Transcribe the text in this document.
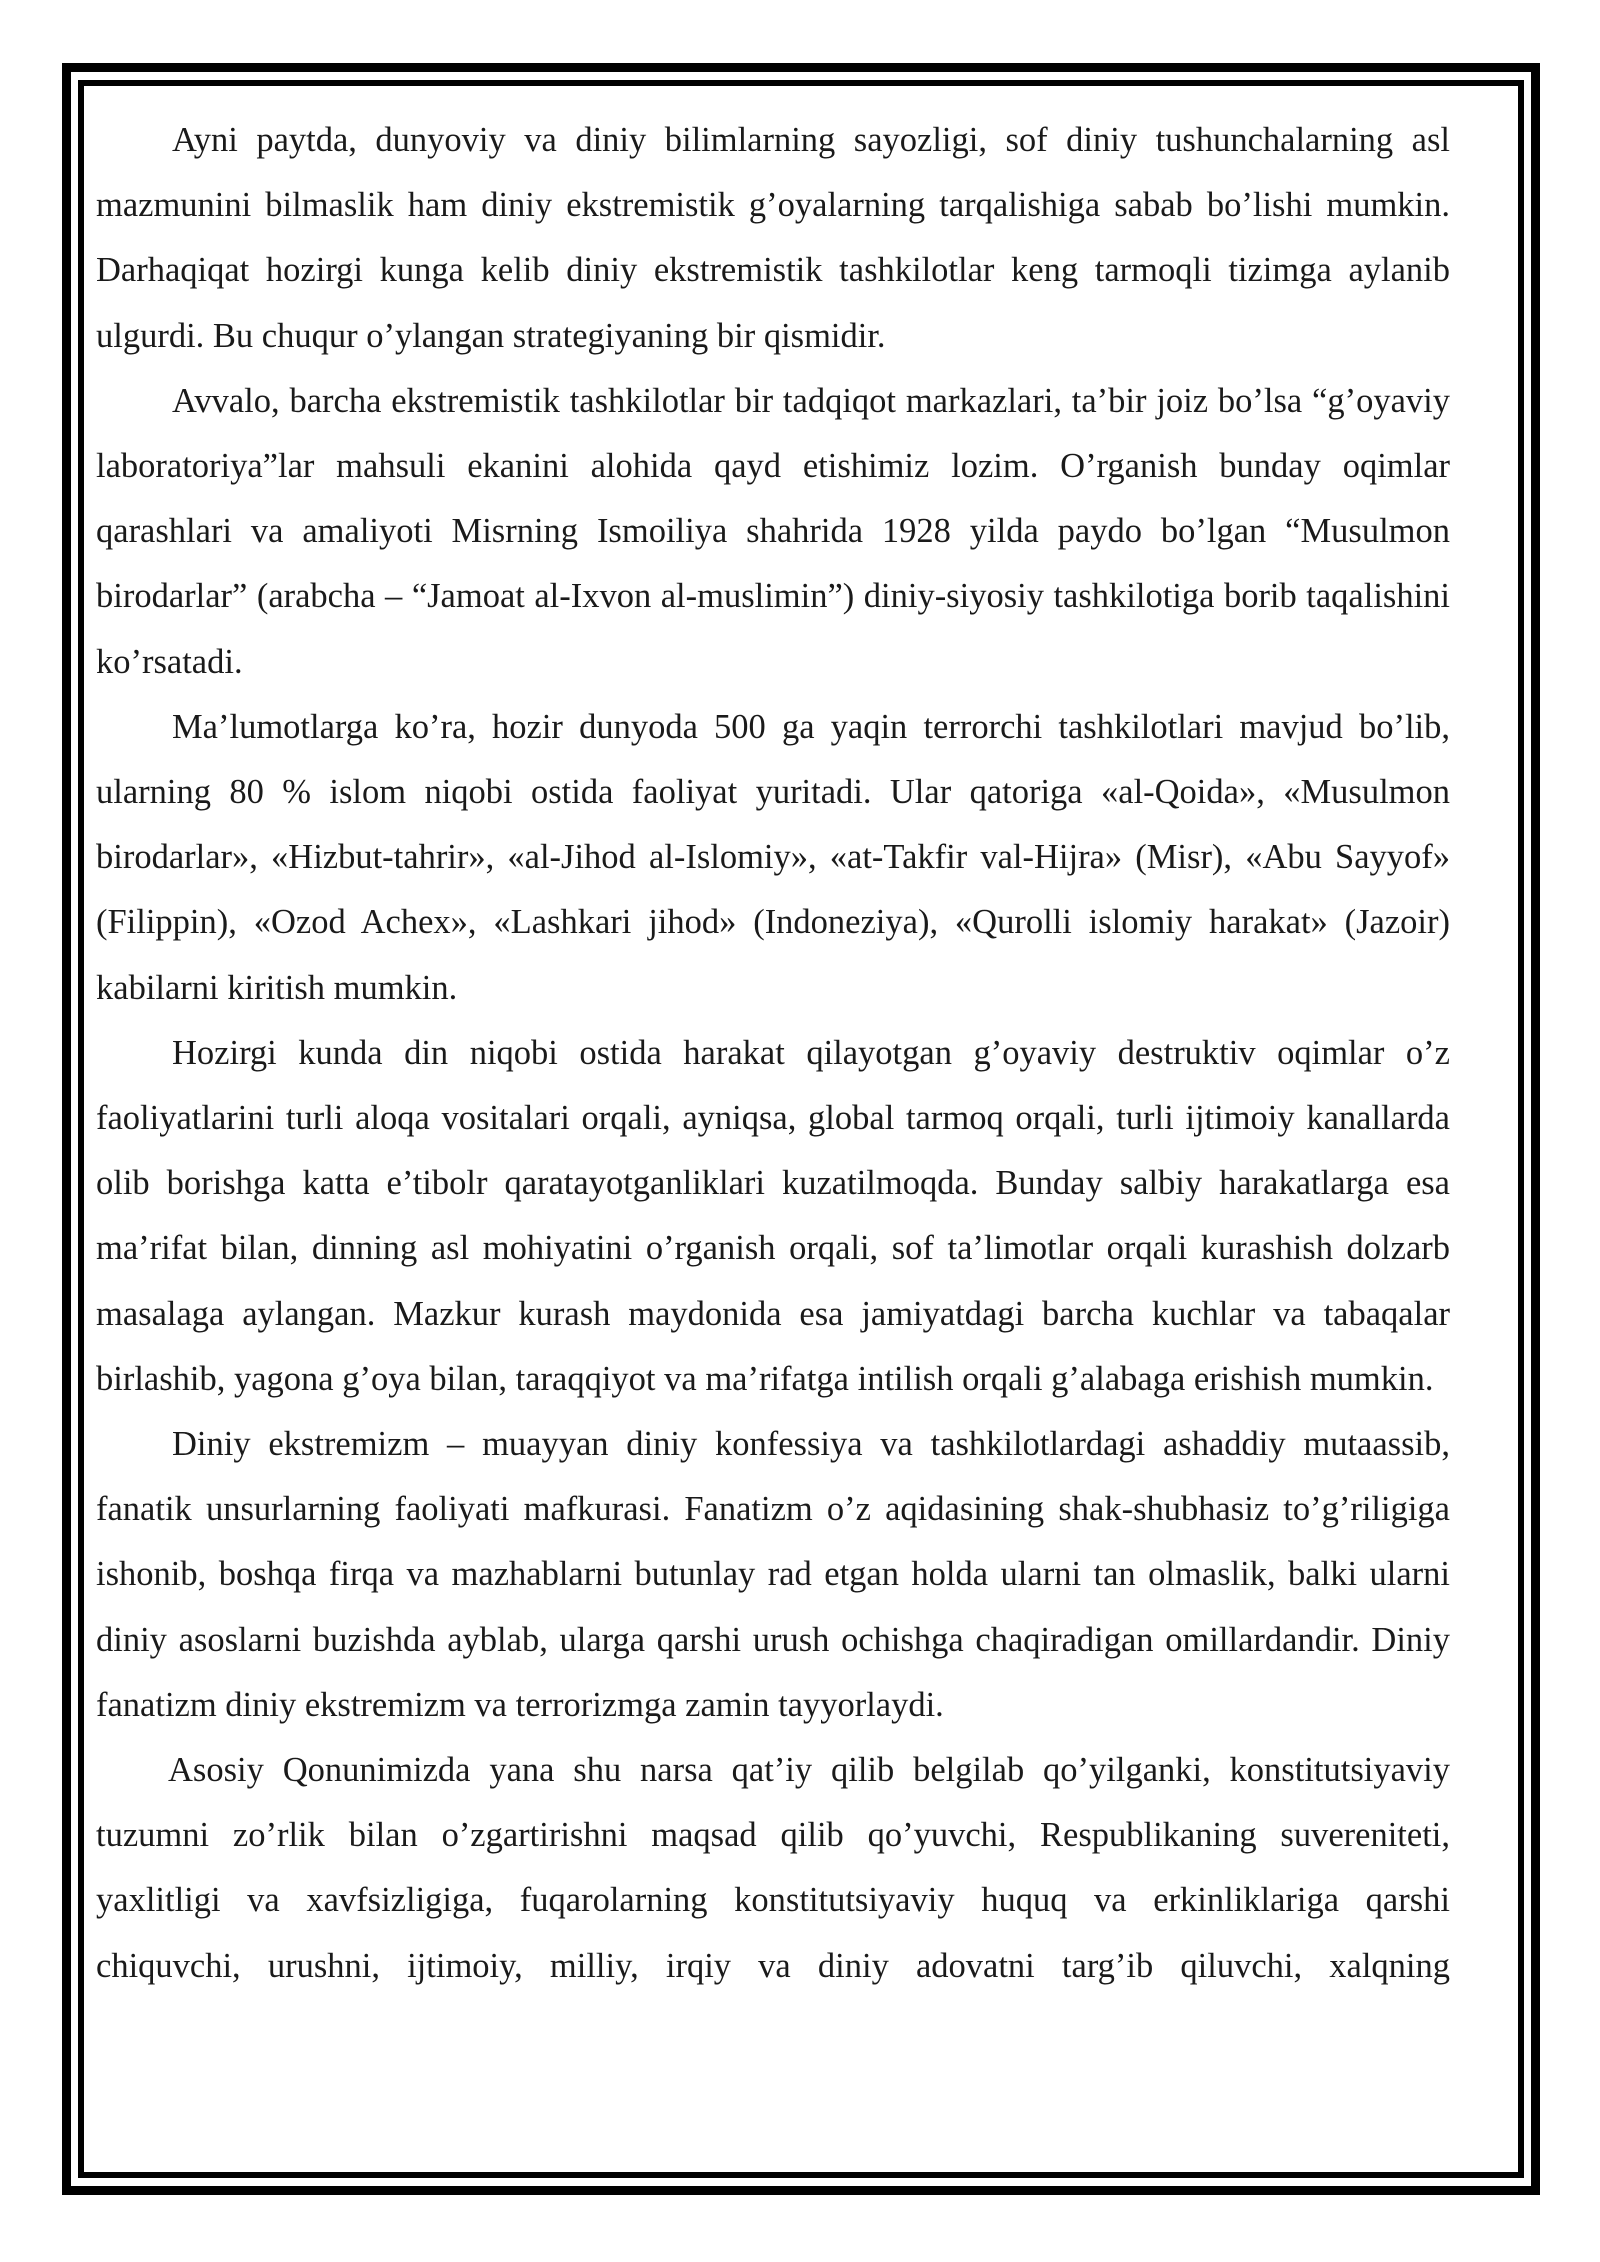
Ayni paytda, dunyoviy va diniy bilimlarning sayozligi, sof diniy tushunchalarning asl mazmunini bilmaslik ham diniy ekstremistik g’oyalarning tarqalishiga sabab bo’lishi mumkin. Darhaqiqat hozirgi kunga kelib diniy ekstremistik tashkilotlar keng tarmoqli tizimga aylanib ulgurdi. Bu chuqur o’ylangan strategiyaning bir qismidir.

Avvalo, barcha ekstremistik tashkilotlar bir tadqiqot markazlari, ta’bir joiz bo’lsa “g’oyaviy laboratoriya”lar mahsuli ekanini alohida qayd etishimiz lozim. O’rganish bunday oqimlar qarashlari va amaliyoti Misrning Ismoiliya shahrida 1928 yilda paydo bo’lgan “Musulmon birodarlar” (arabcha – “Jamoat al-Ixvon al-muslimin”) diniy-siyosiy tashkilotiga borib taqalishini ko’rsatadi.

Ma’lumotlarga ko’ra, hozir dunyoda 500 ga yaqin terrorchi tashkilotlari mavjud bo’lib, ularning 80 % islom niqobi ostida faoliyat yuritadi. Ular qatoriga «al-Qoida», «Musulmon birodarlar», «Hizbut-tahrir», «al-Jihod al-Islomiy», «at-Takfir val-Hijra» (Misr), «Abu Sayyof» (Filippin), «Ozod Achex», «Lashkari jihod» (Indoneziya), «Qurolli islomiy harakat» (Jazoir) kabilarni kiritish mumkin.

Hozirgi kunda din niqobi ostida harakat qilayotgan g’oyaviy destruktiv oqimlar o’z faoliyatlarini turli aloqa vositalari orqali, ayniqsa, global tarmoq orqali, turli ijtimoiy kanallarda olib borishga katta e’tibolr qaratayotganliklari kuzatilmoqda. Bunday salbiy harakatlarga esa ma’rifat bilan, dinning asl mohiyatini o’rganish orqali, sof ta’limotlar orqali kurashish dolzarb masalaga aylangan. Mazkur kurash maydonida esa jamiyatdagi barcha kuchlar va tabaqalar birlashib, yagona g’oya bilan, taraqqiyot va ma’rifatga intilish orqali g’alabaga erishish mumkin.

Diniy ekstremizm – muayyan diniy konfessiya va tashkilotlardagi ashaddiy mutaassib, fanatik unsurlarning faoliyati mafkurasi. Fanatizm o’z aqidasining shak-shubhasiz to’g’riligiga ishonib, boshqa firqa va mazhablarni butunlay rad etgan holda ularni tan olmaslik, balki ularni diniy asoslarni buzishda ayblab, ularga qarshi urush ochishga chaqiradigan omillardandir. Diniy fanatizm diniy ekstremizm va terrorizmga zamin tayyorlaydi.

Asosiy Qonunimizda yana shu narsa qat’iy qilib belgilab qo’yilganki, konstitutsiyaviy tuzumni zo’rlik bilan o’zgartirishni maqsad qilib qo’yuvchi, Respublikaning suvereniteti, yaxlitligi va xavfsizligiga, fuqarolarning konstitutsiyaviy huquq va erkinliklariga qarshi chiquvchi, urushni, ijtimoiy, milliy, irqiy va diniy adovatni targ’ib qiluvchi, xalqning
